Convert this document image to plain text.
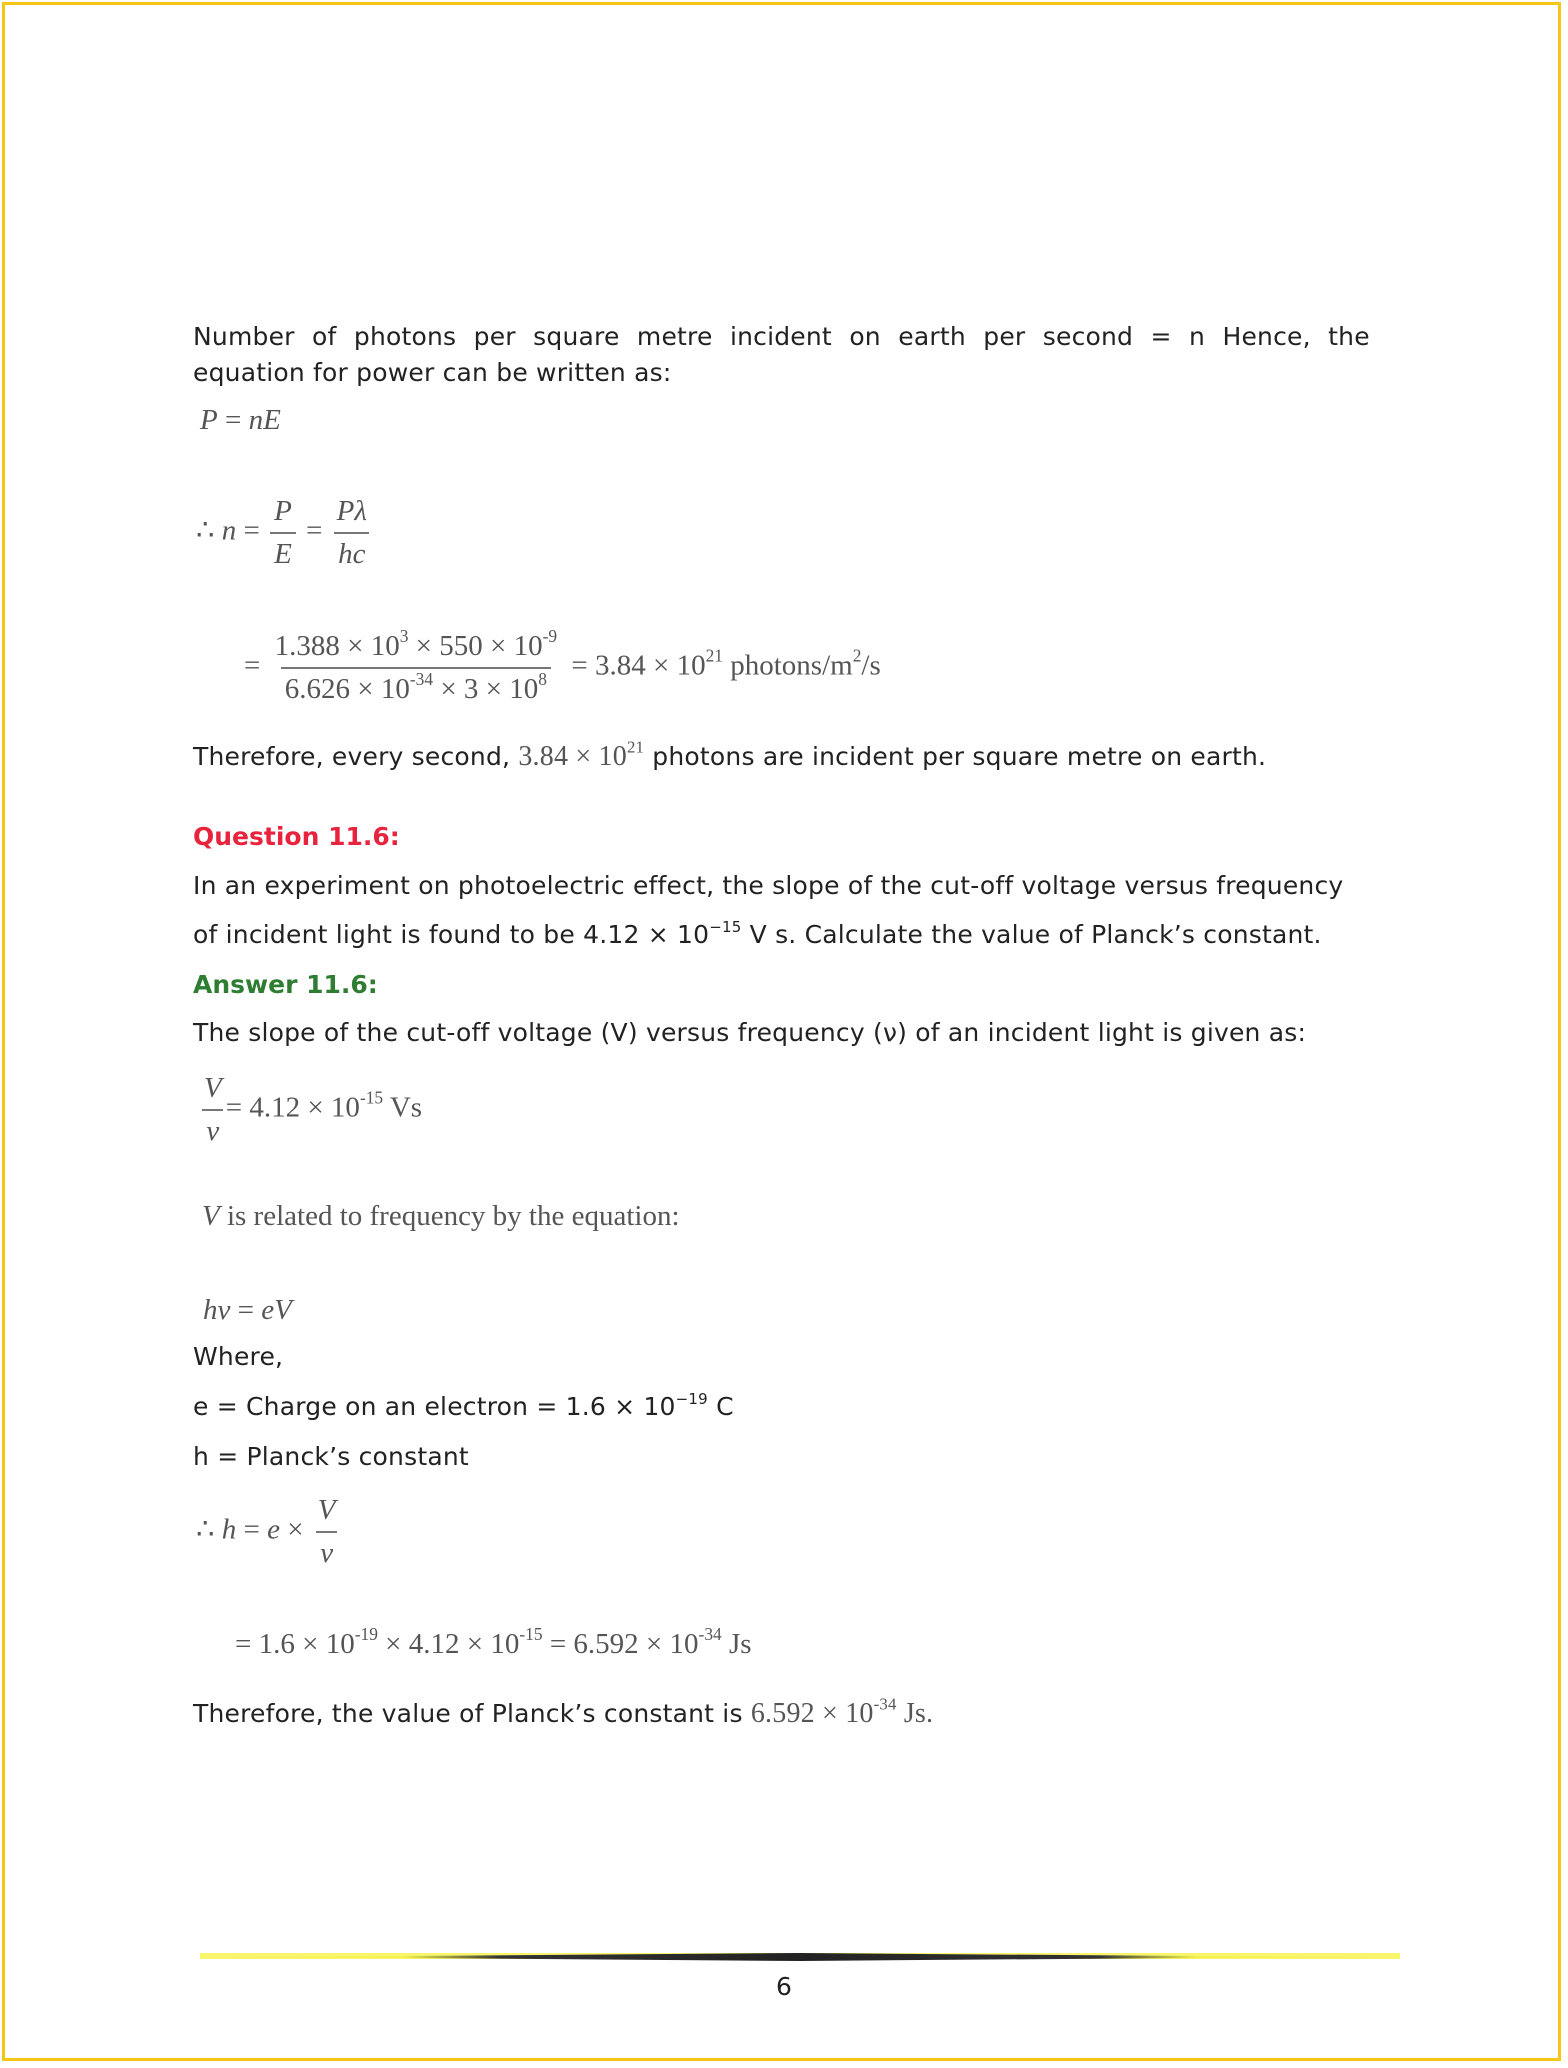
Number of photons per square metre incident on earth per second = n Hence, the
equation for power can be written as:
P = nE
∴ $n = \frac{P}{E} = \frac{P\lambda}{hc}$
= $\frac{1.388 \times 10^3 \times 550 \times 10^{-9}}{6.626 \times 10^{-34} \times 3 \times 10^8} = 3.84 \times 10^{21}$ photons/$m^2/s$
Therefore, every second, $3.84 \times 10^{21}$ photons are incident per square metre on earth.
Question 11.6:
In an experiment on photoelectric effect, the slope of the cut-off voltage versus frequency
of incident light is found to be $4.12 \times 10^{-15}$ V s. Calculate the value of Planck’s constant.
Answer 11.6:
The slope of the cut-off voltage (V) versus frequency (ν) of an incident light is given as:
$\frac{V}{\nu} = 4.12 \times 10^{-15}$ Vs
V is related to frequency by the equation:
hν = eV
Where,
e = Charge on an electron = $1.6 \times 10^{-19}$ C
h = Planck’s constant
∴ $h = e \times \frac{V}{\nu}$
= $1.6 \times 10^{-19} \times 4.12 \times 10^{-15} = 6.592 \times 10^{-34}$ Js
Therefore, the value of Planck’s constant is $6.592 \times 10^{-34}$ Js.
6
